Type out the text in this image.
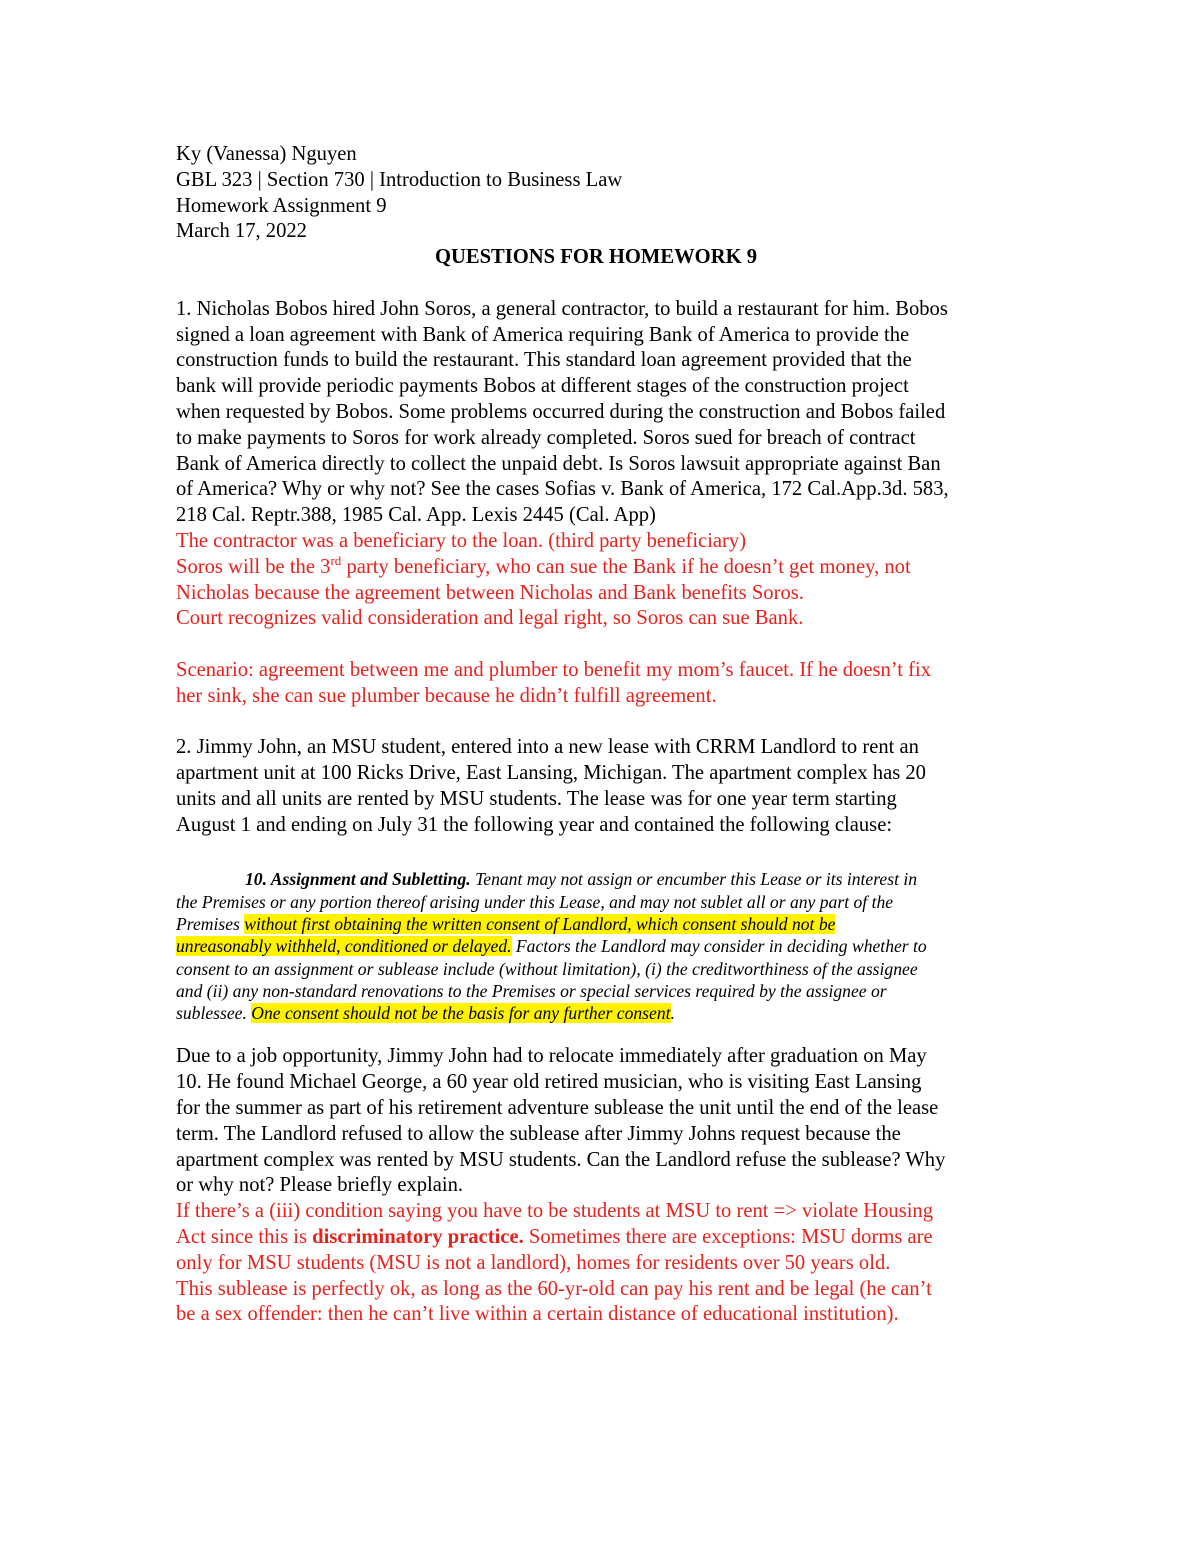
Ky (Vanessa) Nguyen
GBL 323 | Section 730 | Introduction to Business Law
Homework Assignment 9
March 17, 2022
QUESTIONS FOR HOMEWORK 9
1. Nicholas Bobos hired John Soros, a general contractor, to build a restaurant for him. Bobos
signed a loan agreement with Bank of America requiring Bank of America to provide the
construction funds to build the restaurant. This standard loan agreement provided that the
bank will provide periodic payments Bobos at different stages of the construction project
when requested by Bobos. Some problems occurred during the construction and Bobos failed
to make payments to Soros for work already completed. Soros sued for breach of contract
Bank of America directly to collect the unpaid debt. Is Soros lawsuit appropriate against Ban
of America? Why or why not? See the cases Sofias v. Bank of America, 172 Cal.App.3d. 583,
218 Cal. Reptr.388, 1985 Cal. App. Lexis 2445 (Cal. App)
The contractor was a beneficiary to the loan. (third party beneficiary)
Soros will be the 3rd party beneficiary, who can sue the Bank if he doesn’t get money, not
Nicholas because the agreement between Nicholas and Bank benefits Soros.
Court recognizes valid consideration and legal right, so Soros can sue Bank.
Scenario: agreement between me and plumber to benefit my mom’s faucet. If he doesn’t fix
her sink, she can sue plumber because he didn’t fulfill agreement.
2. Jimmy John, an MSU student, entered into a new lease with CRRM Landlord to rent an
apartment unit at 100 Ricks Drive, East Lansing, Michigan. The apartment complex has 20
units and all units are rented by MSU students. The lease was for one year term starting
August 1 and ending on July 31 the following year and contained the following clause:
10. Assignment and Subletting. Tenant may not assign or encumber this Lease or its interest in
the Premises or any portion thereof arising under this Lease, and may not sublet all or any part of the
Premises without first obtaining the written consent of Landlord, which consent should not be
unreasonably withheld, conditioned or delayed. Factors the Landlord may consider in deciding whether to
consent to an assignment or sublease include (without limitation), (i) the creditworthiness of the assignee
and (ii) any non-standard renovations to the Premises or special services required by the assignee or
sublessee. One consent should not be the basis for any further consent.
Due to a job opportunity, Jimmy John had to relocate immediately after graduation on May
10. He found Michael George, a 60 year old retired musician, who is visiting East Lansing
for the summer as part of his retirement adventure sublease the unit until the end of the lease
term. The Landlord refused to allow the sublease after Jimmy Johns request because the
apartment complex was rented by MSU students. Can the Landlord refuse the sublease? Why
or why not? Please briefly explain.
If there’s a (iii) condition saying you have to be students at MSU to rent => violate Housing
Act since this is discriminatory practice. Sometimes there are exceptions: MSU dorms are
only for MSU students (MSU is not a landlord), homes for residents over 50 years old.
This sublease is perfectly ok, as long as the 60-yr-old can pay his rent and be legal (he can’t
be a sex offender: then he can’t live within a certain distance of educational institution).
